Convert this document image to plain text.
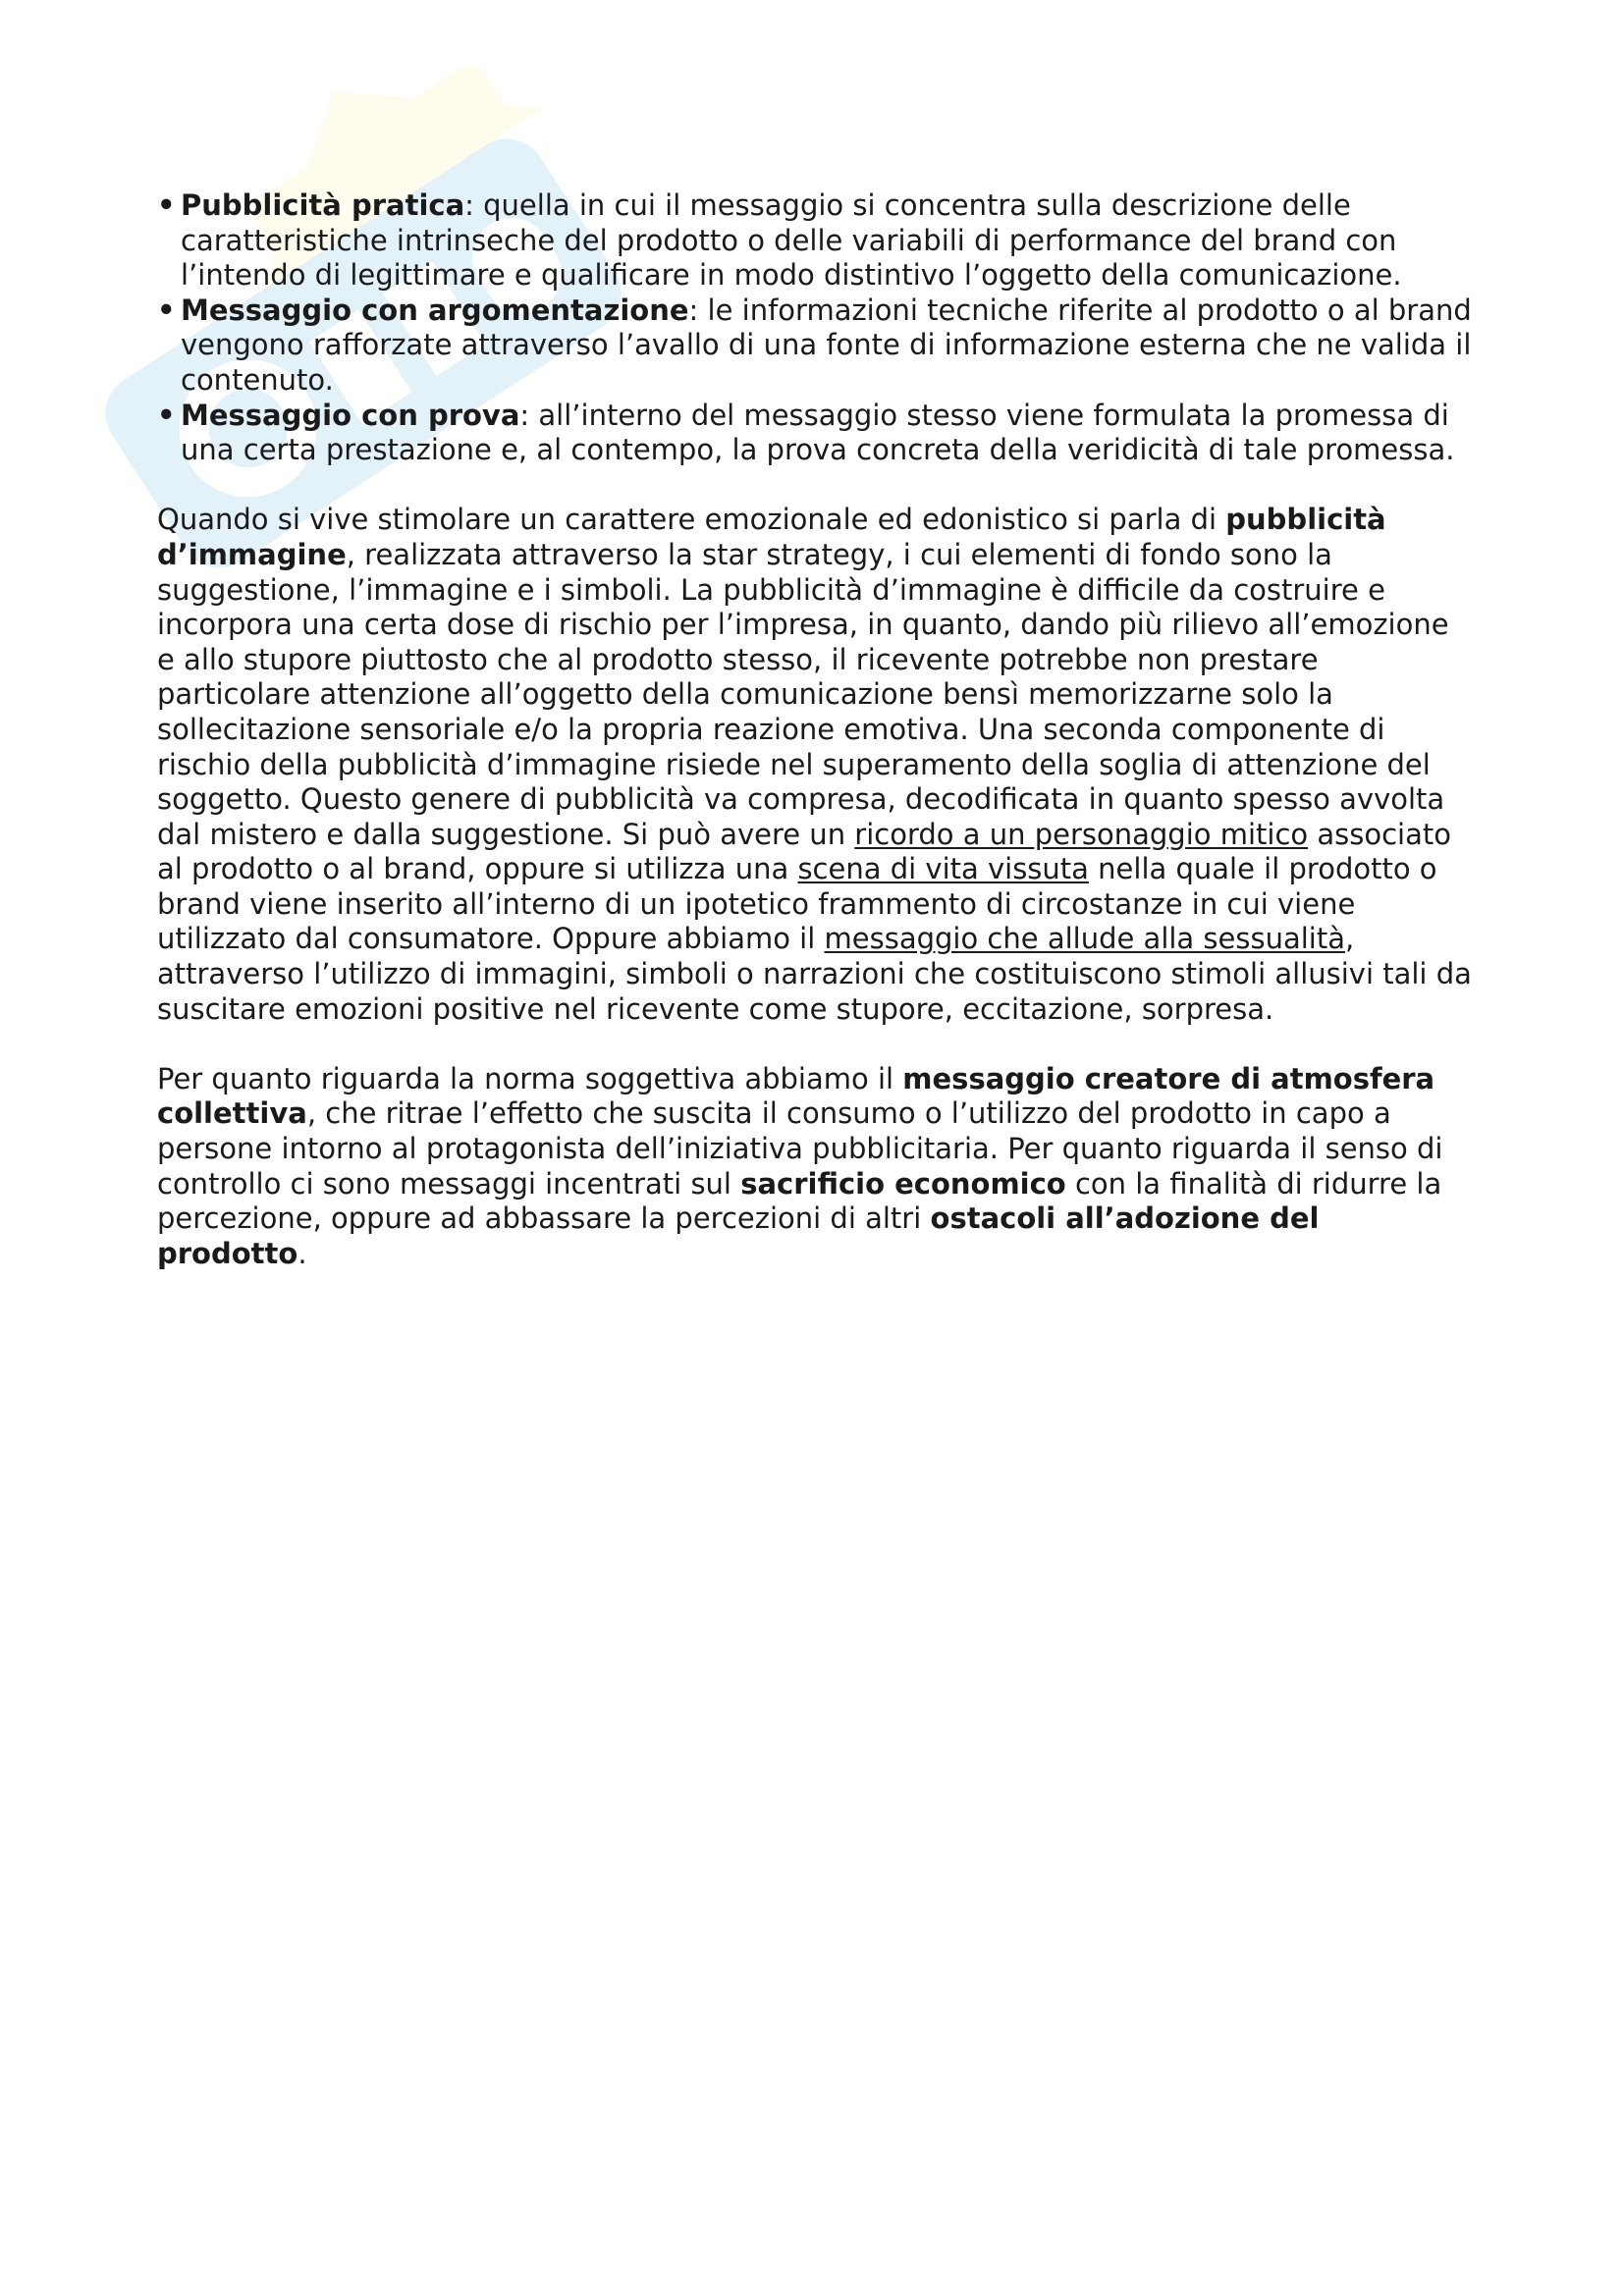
• Pubblicità pratica: quella in cui il messaggio si concentra sulla descrizione delle caratteristiche intrinseche del prodotto o delle variabili di performance del brand con l’intendo di legittimare e qualificare in modo distintivo l’oggetto della comunicazione.
• Messaggio con argomentazione: le informazioni tecniche riferite al prodotto o al brand vengono rafforzate attraverso l’avallo di una fonte di informazione esterna che ne valida il contenuto.
• Messaggio con prova: all’interno del messaggio stesso viene formulata la promessa di una certa prestazione e, al contempo, la prova concreta della veridicità di tale promessa.

Quando si vive stimolare un carattere emozionale ed edonistico si parla di pubblicità d’immagine, realizzata attraverso la star strategy, i cui elementi di fondo sono la suggestione, l’immagine e i simboli. La pubblicità d’immagine è difficile da costruire e incorpora una certa dose di rischio per l’impresa, in quanto, dando più rilievo all’emozione e allo stupore piuttosto che al prodotto stesso, il ricevente potrebbe non prestare particolare attenzione all’oggetto della comunicazione bensì memorizzarne solo la sollecitazione sensoriale e/o la propria reazione emotiva. Una seconda componente di rischio della pubblicità d’immagine risiede nel superamento della soglia di attenzione del soggetto. Questo genere di pubblicità va compresa, decodificata in quanto spesso avvolta dal mistero e dalla suggestione. Si può avere un ricordo a un personaggio mitico associato al prodotto o al brand, oppure si utilizza una scena di vita vissuta nella quale il prodotto o brand viene inserito all’interno di un ipotetico frammento di circostanze in cui viene utilizzato dal consumatore. Oppure abbiamo il messaggio che allude alla sessualità, attraverso l’utilizzo di immagini, simboli o narrazioni che costituiscono stimoli allusivi tali da suscitare emozioni positive nel ricevente come stupore, eccitazione, sorpresa.

Per quanto riguarda la norma soggettiva abbiamo il messaggio creatore di atmosfera collettiva, che ritrae l’effetto che suscita il consumo o l’utilizzo del prodotto in capo a persone intorno al protagonista dell’iniziativa pubblicitaria. Per quanto riguarda il senso di controllo ci sono messaggi incentrati sul sacrificio economico con la finalità di ridurre la percezione, oppure ad abbassare la percezioni di altri ostacoli all’adozione del prodotto.
